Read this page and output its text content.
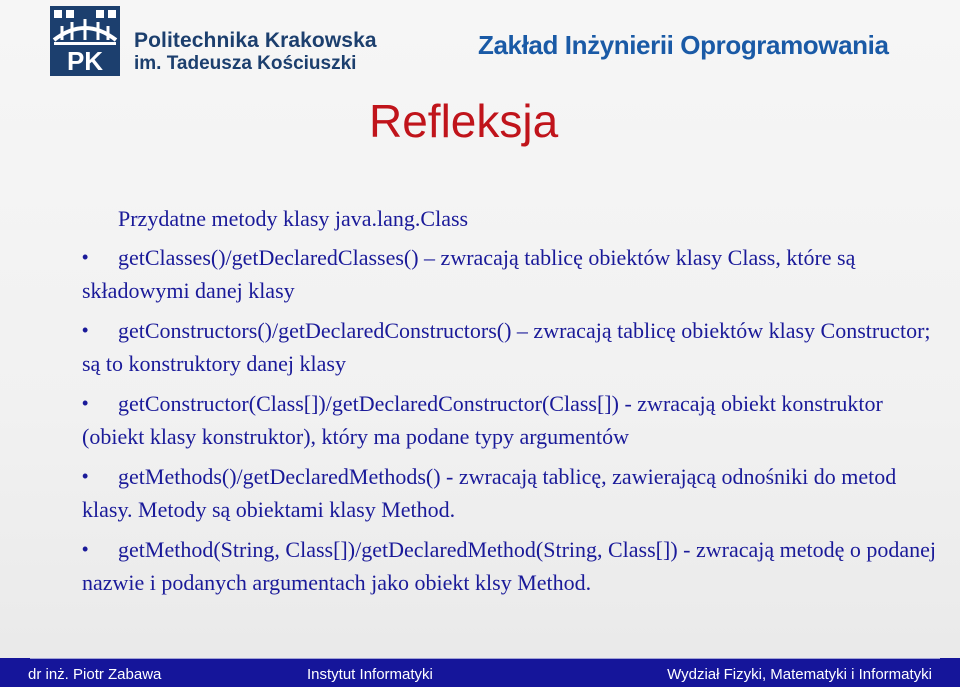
PK
Politechnika Krakowska
im. Tadeusza Kościuszki
Zakład Inżynierii Oprogramowania
Refleksja

Przydatne metody klasy java.lang.Class

• getClasses()/getDeclaredClasses() – zwracają tablicę obiektów klasy Class, które są składowymi danej klasy
• getConstructors()/getDeclaredConstructors() – zwracają tablicę obiektów klasy Constructor; są to konstruktory danej klasy
• getConstructor(Class[])/getDeclaredConstructor(Class[]) - zwracają obiekt konstruktor (obiekt klasy konstruktor), który ma podane typy argumentów
• getMethods()/getDeclaredMethods() - zwracają tablicę, zawierającą odnośniki do metod klasy. Metody są obiektami klasy Method.
• getMethod(String, Class[])/getDeclaredMethod(String, Class[]) - zwracają metodę o podanej nazwie i podanych argumentach jako obiekt klsy Method.
dr inż. Piotr Zabawa	Instytut Informatyki	Wydział Fizyki, Matematyki i Informatyki
